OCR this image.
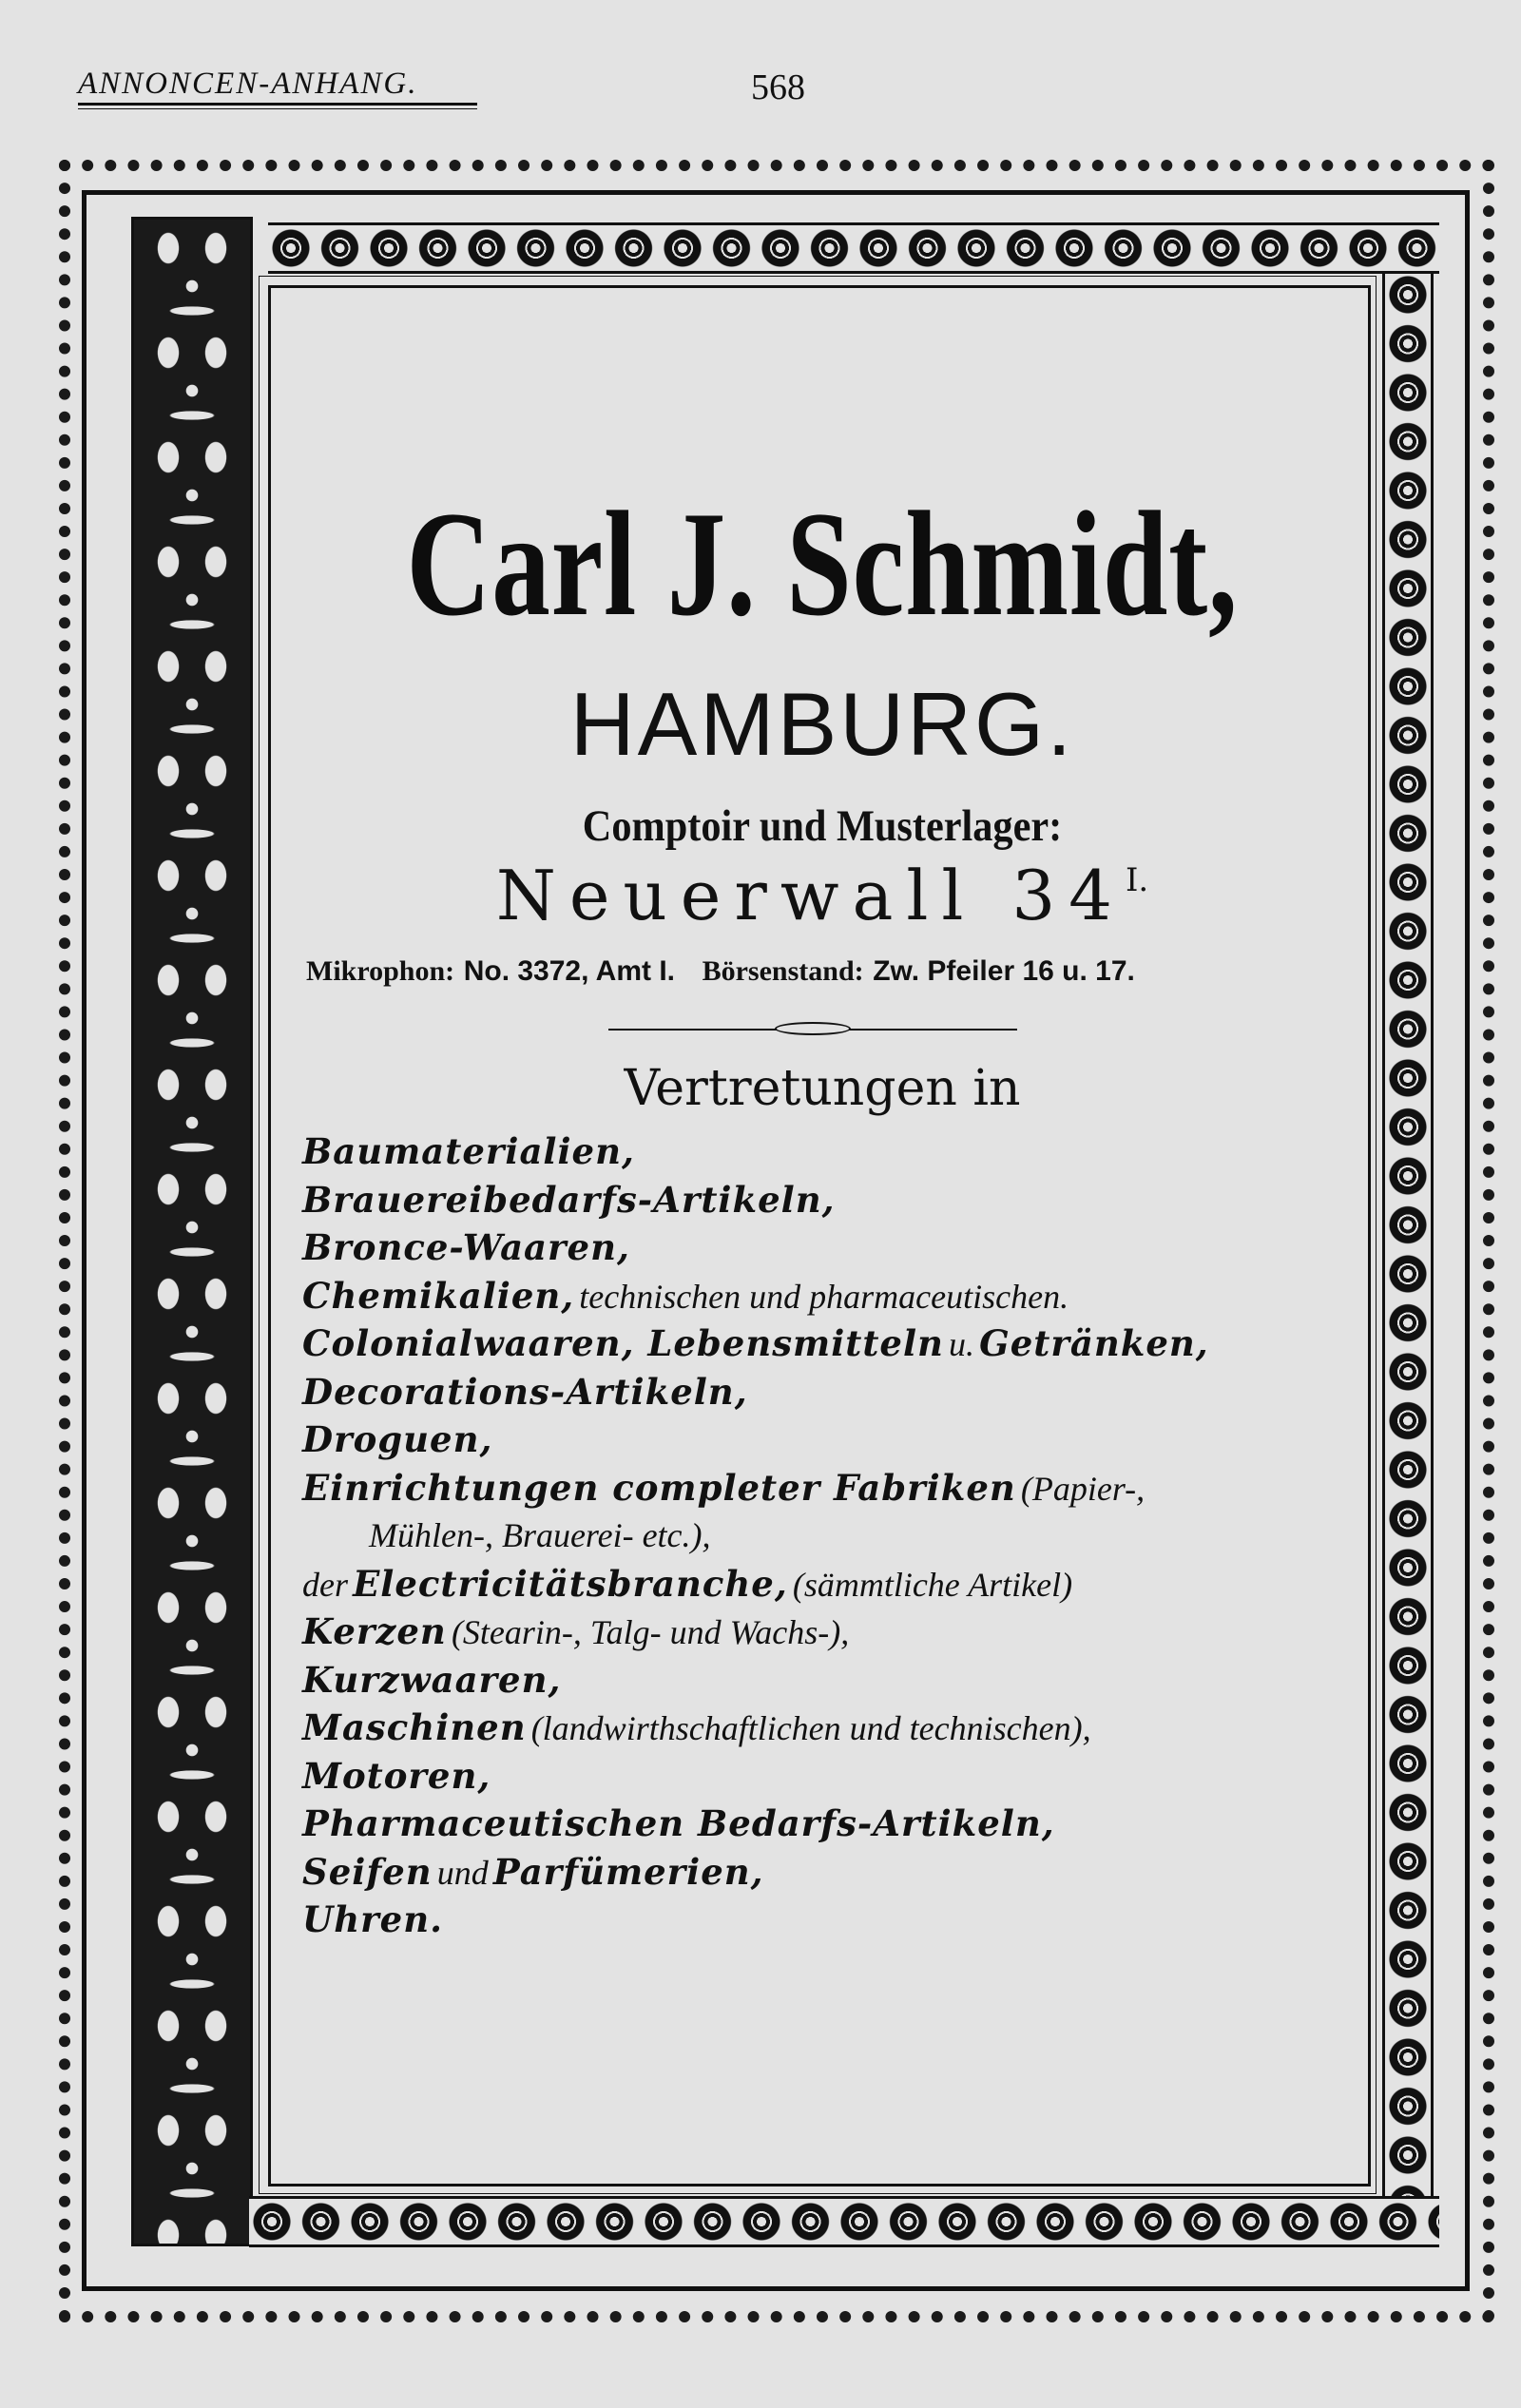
ANNONCEN-ANHANG.	568
Carl J. Schmidt,
HAMBURG.
Comptoir und Musterlager:
Neuerwall $34^{I.}$
Mikrophon: No. 3372, Amt I. Börsenstand: Zw. Pfeiler 16 u. 17.
Vertretungen in
Baumaterialien,
Brauereibedarfs-Artikeln,
Bronce-Waaren,
Chemikalien, technischen und pharmaceutischen.
Colonialwaaren, Lebensmitteln u. Getränken,
Decorations-Artikeln,
Droguen,
Einrichtungen completer Fabriken (Papier-,
Mühlen-, Brauerei- etc.),
der Electricitätsbranche, (sämmtliche Artikel)
Kerzen (Stearin-, Talg- und Wachs-),
Kurzwaaren,
Maschinen (landwirthschaftlichen und technischen),
Motoren,
Pharmaceutischen Bedarfs-Artikeln,
Seifen und Parfümerien,
Uhren.
